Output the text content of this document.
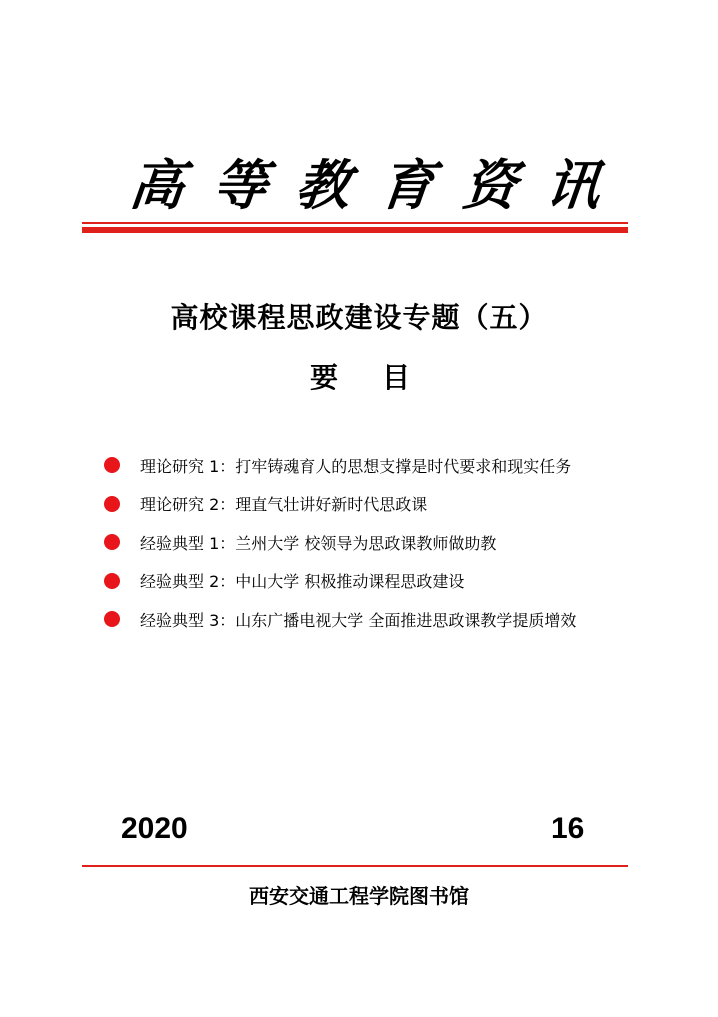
高 等 教 育 资 讯
高校课程思政建设专题（五）
要 目
理论研究 1：打牢铸魂育人的思想支撑是时代要求和现实任务
理论研究 2：理直气壮讲好新时代思政课
经验典型 1：兰州大学 校领导为思政课教师做助教
经验典型 2：中山大学 积极推动课程思政建设
经验典型 3：山东广播电视大学 全面推进思政课教学提质增效
2020	16
西安交通工程学院图书馆
